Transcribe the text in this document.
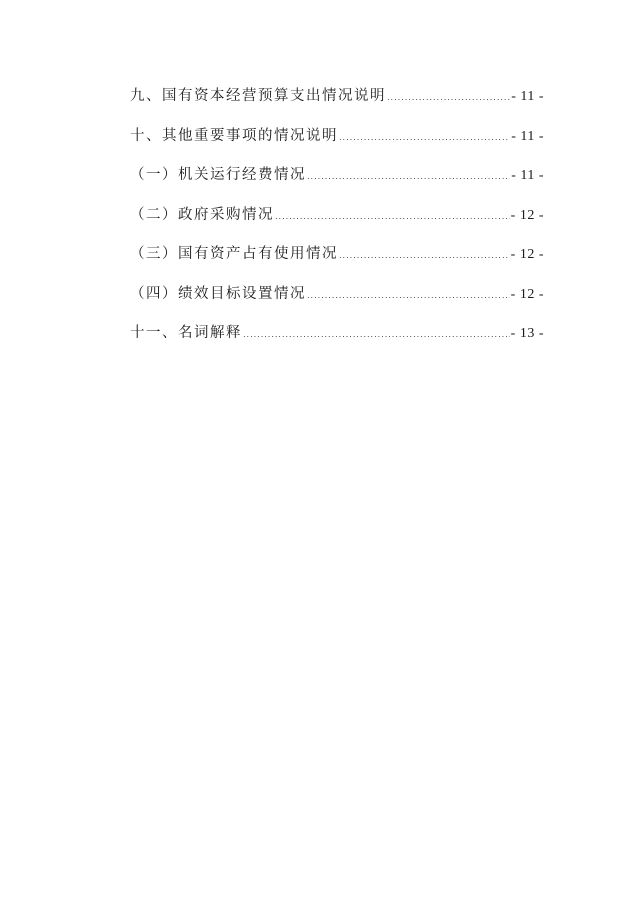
九、国有资本经营预算支出情况说明 .....	- 11 -
十、其他重要事项的情况说明 .....	- 11 -
（一）机关运行经费情况 .....	- 11 -
（二）政府采购情况 .....	- 12 -
（三）国有资产占有使用情况 .....	- 12 -
（四）绩效目标设置情况 .....	- 12 -
十一、名词解释 .....	- 13 -
